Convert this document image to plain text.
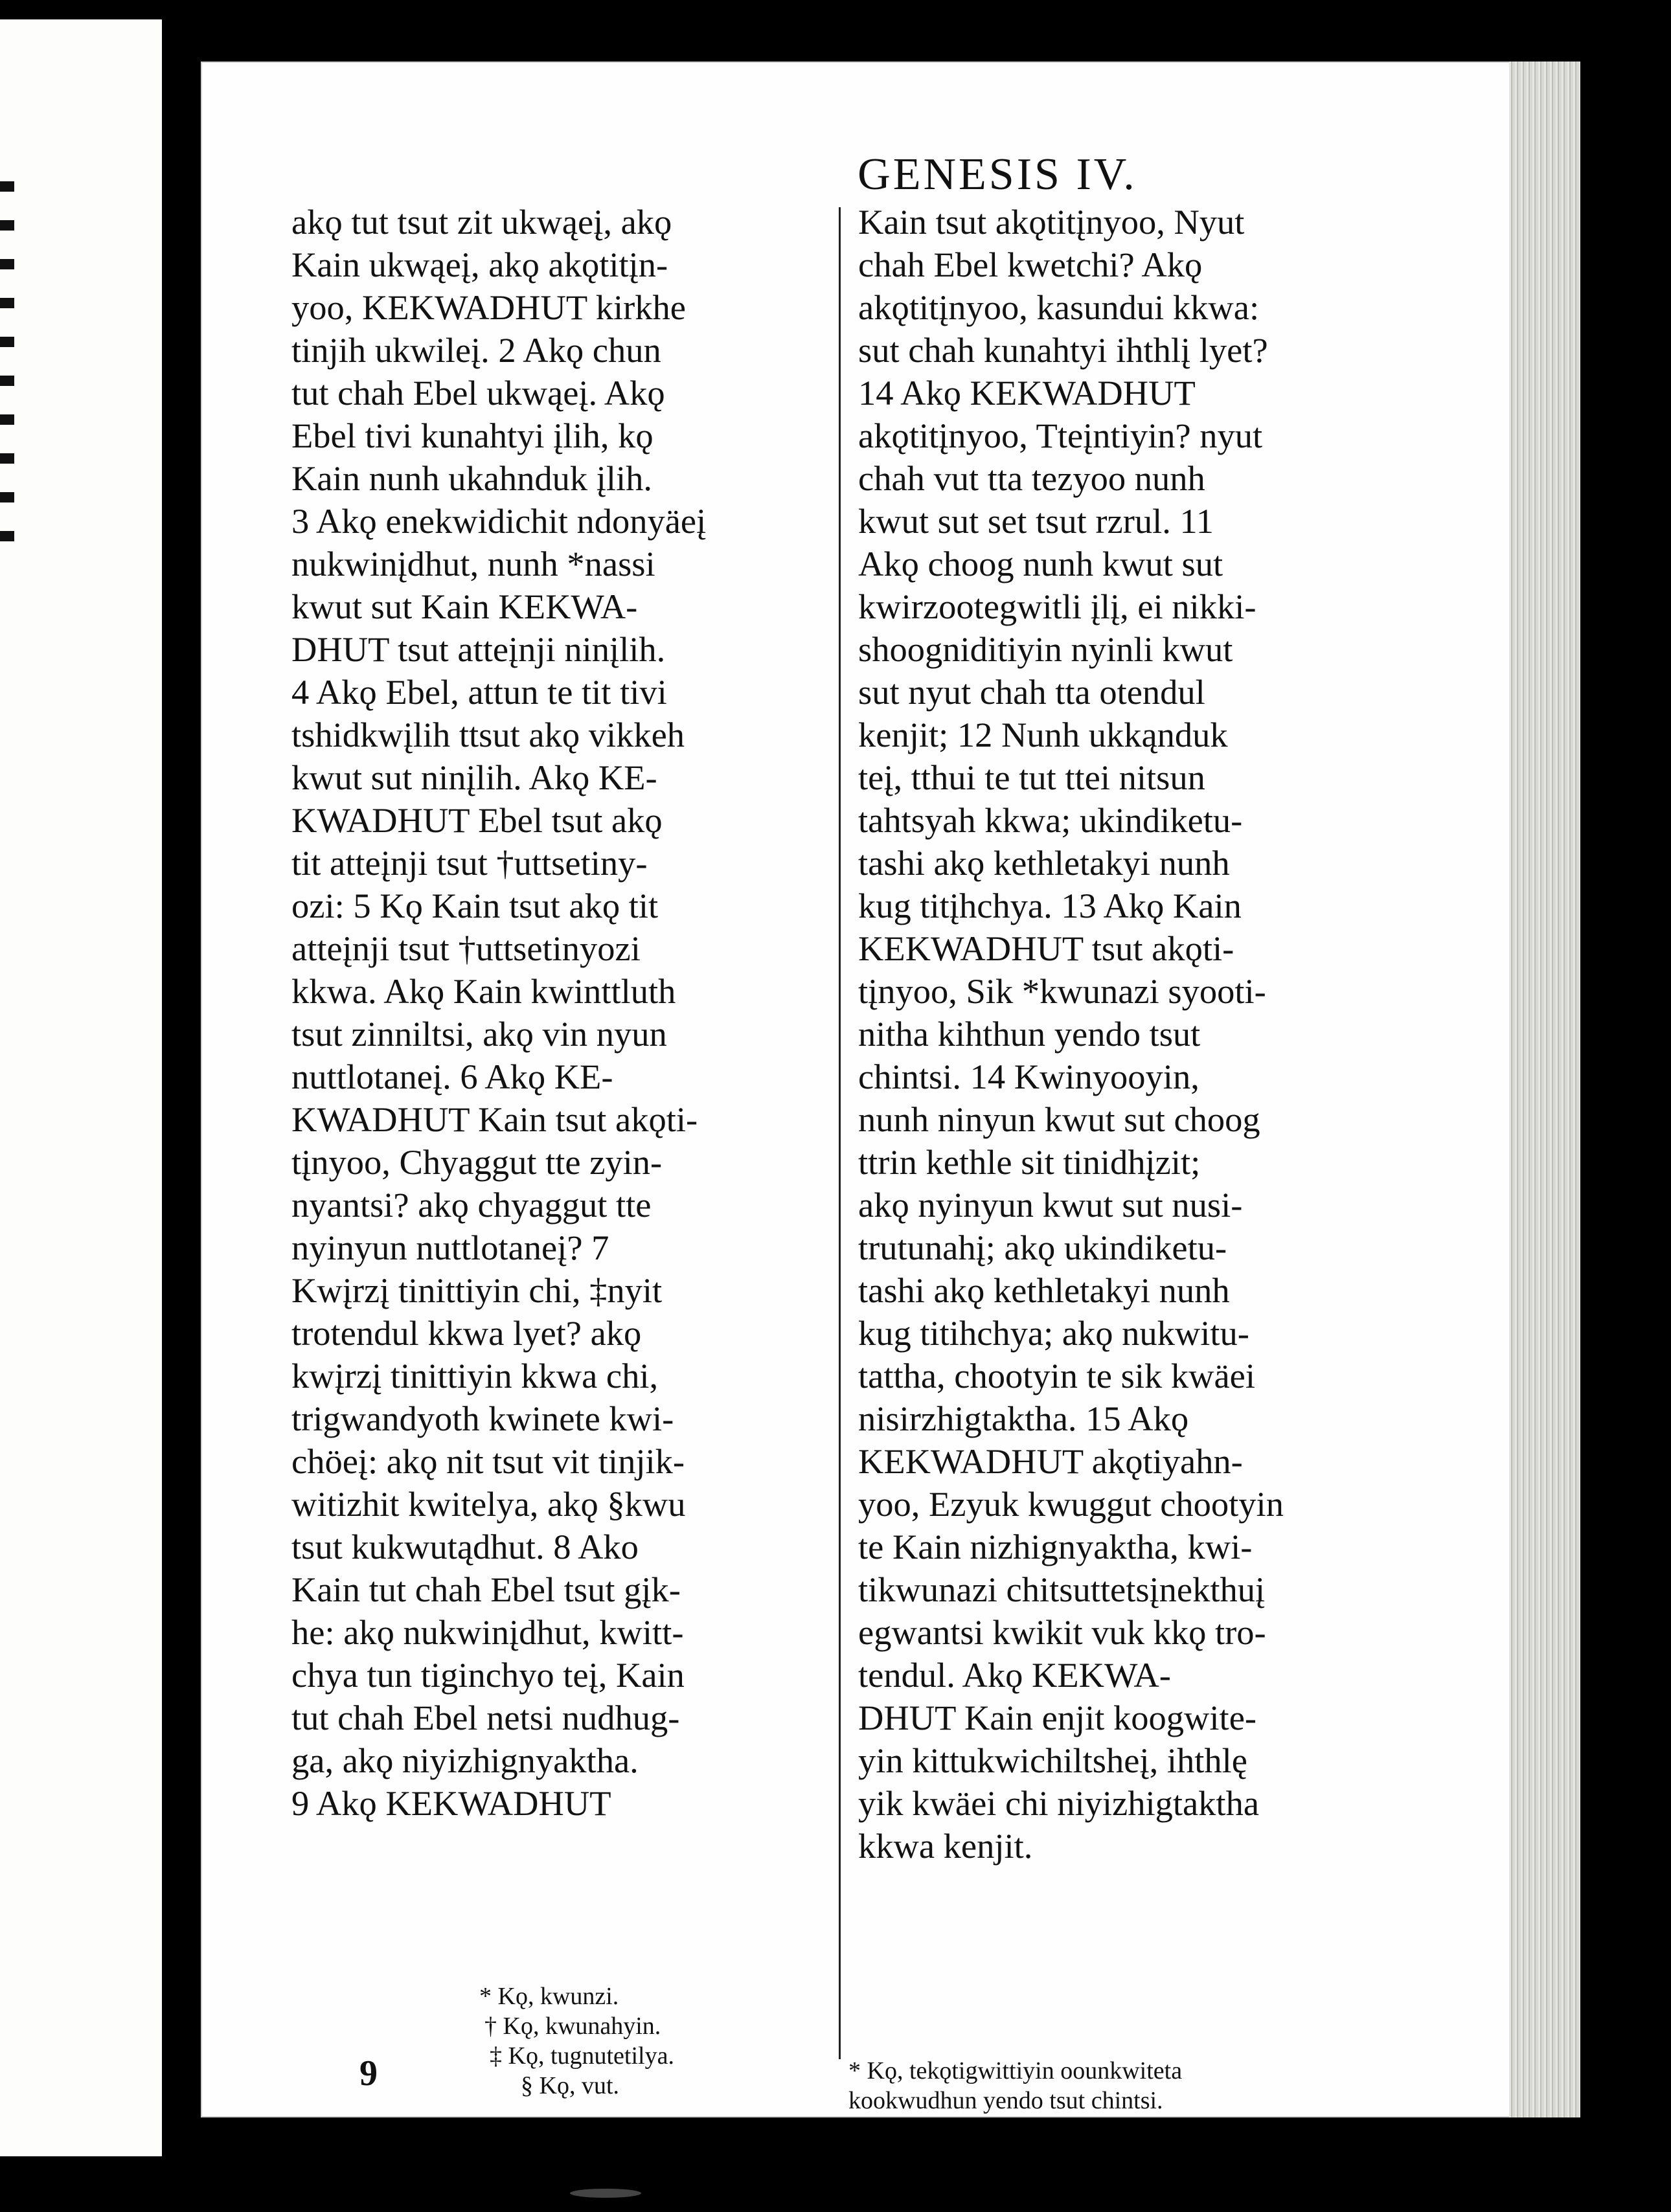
GENESIS IV.
akǫ tut tsut zit ukwąeį, akǫ
Kain ukwąeį, akǫ akǫtitįn-
yoo, KEKWADHUT kirkhe
tinjih ukwileį. 2 Akǫ chun
tut chah Ebel ukwąeį. Akǫ
Ebel tivi kunahtyi įlih, kǫ
Kain nunh ukahnduk įlih.
3 Akǫ enekwidichit ndonyäeį
nukwinįdhut, nunh *nassi
kwut sut Kain KEKWA-
DHUT tsut atteįnji ninįlih.
4 Akǫ Ebel, attun te tit tivi
tshidkwįlih ttsut akǫ vikkeh
kwut sut ninįlih. Akǫ KE-
KWADHUT Ebel tsut akǫ
tit atteįnji tsut †uttsetiny-
ozi: 5 Kǫ Kain tsut akǫ tit
atteįnji tsut †uttsetinyozi
kkwa. Akǫ Kain kwinttluth
tsut zinniltsi, akǫ vin nyun
nuttlotaneį. 6 Akǫ KE-
KWADHUT Kain tsut akǫti-
tįnyoo, Chyaggut tte zyin-
nyantsi? akǫ chyaggut tte
nyinyun nuttlotaneį? 7
Kwįrzį tinittiyin chi, ‡nyit
trotendul kkwa lyet? akǫ
kwįrzį tinittiyin kkwa chi,
trigwandyoth kwinete kwi-
chöeį: akǫ nit tsut vit tinjik-
witizhit kwitelya, akǫ §kwu
tsut kukwutądhut. 8 Ako
Kain tut chah Ebel tsut gįk-
he: akǫ nukwinįdhut, kwitt-
chya tun tiginchyo teį, Kain
tut chah Ebel netsi nudhug-
ga, akǫ niyizhignyaktha.
9 Akǫ KEKWADHUT
Kain tsut akǫtitįnyoo, Nyut
chah Ebel kwetchi? Akǫ
akǫtitįnyoo, kasundui kkwa:
sut chah kunahtyi ihthlį lyet?
14 Akǫ KEKWADHUT
akǫtitįnyoo, Tteįntiyin? nyut
chah vut tta tezyoo nunh
kwut sut set tsut rzrul. 11
Akǫ choog nunh kwut sut
kwirzootegwitli įlį, ei nikki-
shoogniditiyin nyinli kwut
sut nyut chah tta otendul
kenjit; 12 Nunh ukkąnduk
teį, tthui te tut ttei nitsun
tahtsyah kkwa; ukindiketu-
tashi akǫ kethletakyi nunh
kug titįhchya. 13 Akǫ Kain
KEKWADHUT tsut akǫti-
tįnyoo, Sik *kwunazi syooti-
nitha kihthun yendo tsut
chintsi. 14 Kwinyooyin,
nunh ninyun kwut sut choog
ttrin kethle sit tinidhįzit;
akǫ nyinyun kwut sut nusi-
trutunahį; akǫ ukindiketu-
tashi akǫ kethletakyi nunh
kug titihchya; akǫ nukwitu-
tattha, chootyin te sik kwäei
nisirzhigtaktha. 15 Akǫ
KEKWADHUT akǫtiyahn-
yoo, Ezyuk kwuggut chootyin
te Kain nizhignyaktha, kwi-
tikwunazi chitsuttetsįnekthuį
egwantsi kwikit vuk kkǫ tro-
tendul. Akǫ KEKWA-
DHUT Kain enjit koogwite-
yin kittukwichiltsheį, ihthlę
yik kwäei chi niyizhigtaktha
kkwa kenjit.
* Kǫ, kwunzi.
† Kǫ, kwunahyin.
‡ Kǫ, tugnutetilya.
§ Kǫ, vut.
* Kǫ, tekǫtigwittiyin oounkwiteta
kookwudhun yendo tsut chintsi.
9
